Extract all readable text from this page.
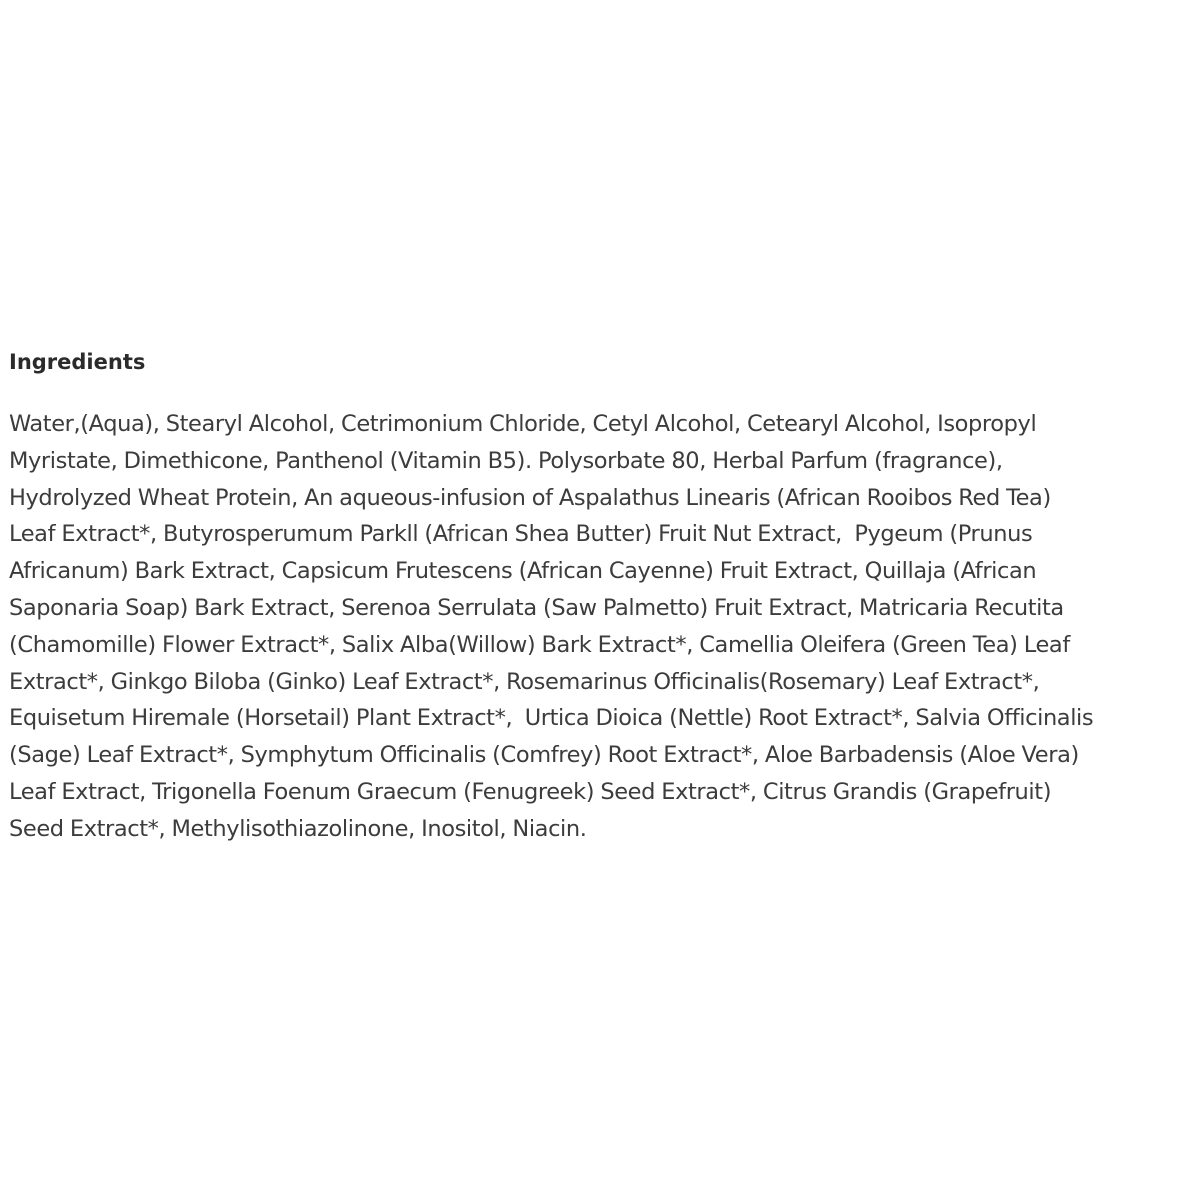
Ingredients

Water,(Aqua), Stearyl Alcohol, Cetrimonium Chloride, Cetyl Alcohol, Cetearyl Alcohol, Isopropyl
Myristate, Dimethicone, Panthenol (Vitamin B5). Polysorbate 80, Herbal Parfum (fragrance),
Hydrolyzed Wheat Protein, An aqueous-infusion of Aspalathus Linearis (African Rooibos Red Tea)
Leaf Extract*, Butyrosperumum Parkll (African Shea Butter) Fruit Nut Extract,  Pygeum (Prunus
Africanum) Bark Extract, Capsicum Frutescens (African Cayenne) Fruit Extract, Quillaja (African
Saponaria Soap) Bark Extract, Serenoa Serrulata (Saw Palmetto) Fruit Extract, Matricaria Recutita
(Chamomille) Flower Extract*, Salix Alba(Willow) Bark Extract*, Camellia Oleifera (Green Tea) Leaf
Extract*, Ginkgo Biloba (Ginko) Leaf Extract*, Rosemarinus Officinalis(Rosemary) Leaf Extract*,
Equisetum Hiremale (Horsetail) Plant Extract*,  Urtica Dioica (Nettle) Root Extract*, Salvia Officinalis
(Sage) Leaf Extract*, Symphytum Officinalis (Comfrey) Root Extract*, Aloe Barbadensis (Aloe Vera)
Leaf Extract, Trigonella Foenum Graecum (Fenugreek) Seed Extract*, Citrus Grandis (Grapefruit)
Seed Extract*, Methylisothiazolinone, Inositol, Niacin.
